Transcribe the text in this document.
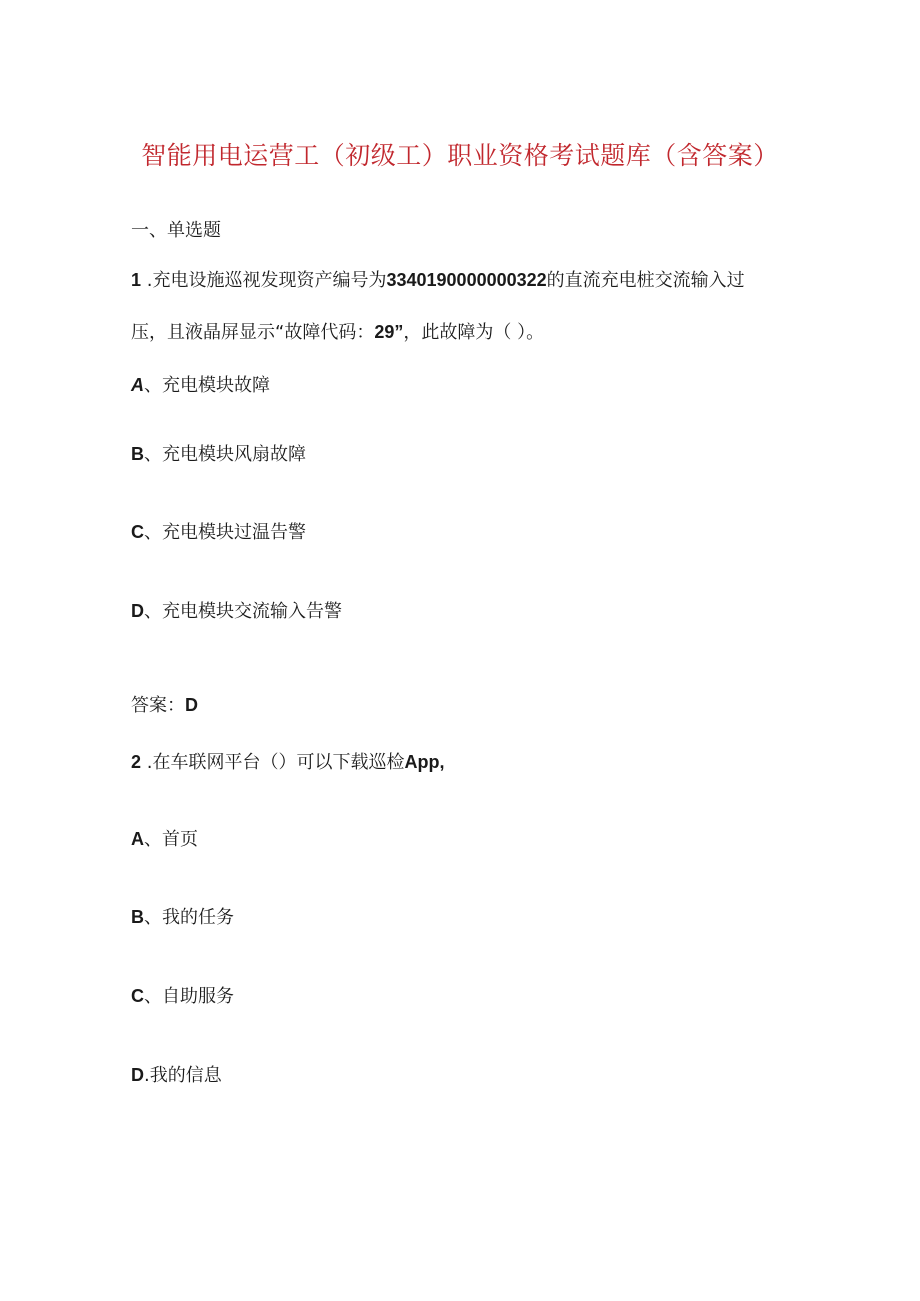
智能用电运营工（初级工）职业资格考试题库（含答案）
一、单选题
1 .充电设施巡视发现资产编号为3340190000000322的直流充电桩交流输入过
压，且液晶屏显示“故障代码：29”，此故障为（ ）。
A、充电模块故障
B、充电模块风扇故障
C、充电模块过温告警
D、充电模块交流输入告警
答案：D
2 .在车联网平台（）可以下载巡检App,
A、首页
B、我的任务
C、自助服务
D.我的信息
